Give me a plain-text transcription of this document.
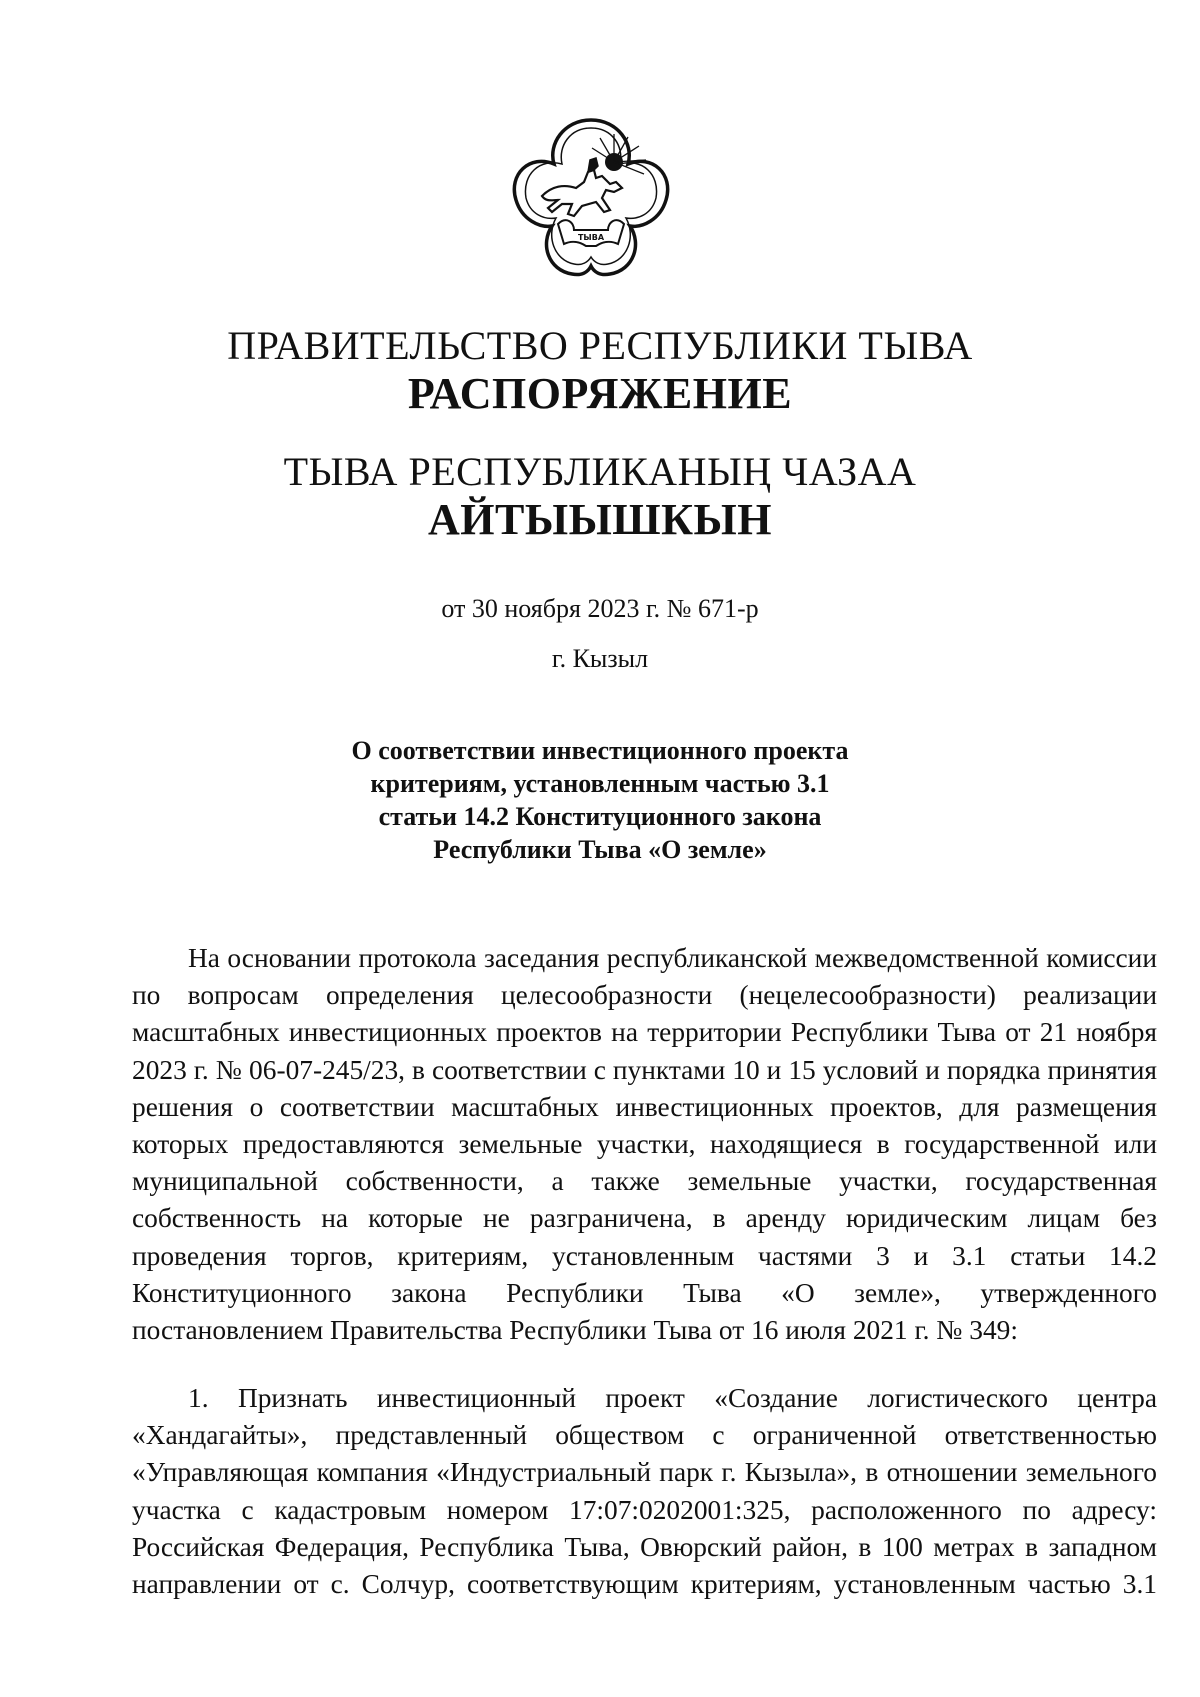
ТЫВА
ПРАВИТЕЛЬСТВО РЕСПУБЛИКИ ТЫВА
РАСПОРЯЖЕНИЕ
ТЫВА РЕСПУБЛИКАНЫҢ ЧАЗАА
АЙТЫЫШКЫН
от 30 ноября 2023 г. № 671-р
г. Кызыл
О соответствии инвестиционного проекта
критериям, установленным частью 3.1
статьи 14.2 Конституционного закона
Республики Тыва «О земле»

На основании протокола заседания республиканской межведомственной комиссии по вопросам определения целесообразности (нецелесообразности) реализации масштабных инвестиционных проектов на территории Республики Тыва от 21 ноября 2023 г. № 06-07-245/23, в соответствии с пунктами 10 и 15 условий и порядка принятия решения о соответствии масштабных инвестиционных проектов, для размещения которых предоставляются земельные участки, находящиеся в государственной или муниципальной собственности, а также земельные участки, государственная собственность на которые не разграничена, в аренду юридическим лицам без проведения торгов, критериям, установленным частями 3 и 3.1 статьи 14.2 Конституционного закона Республики Тыва «О земле», утвержденного постановлением Правительства Республики Тыва от 16 июля 2021 г. № 349:

1. Признать инвестиционный проект «Создание логистического центра «Хандагайты», представленный обществом с ограниченной ответственностью «Управляющая компания «Индустриальный парк г. Кызыла», в отношении земельного участка с кадастровым номером 17:07:0202001:325, расположенного по адресу: Российская Федерация, Республика Тыва, Овюрский район, в 100 метрах в западном направлении от с. Солчур, соответствующим критериям, установленным частью 3.1
